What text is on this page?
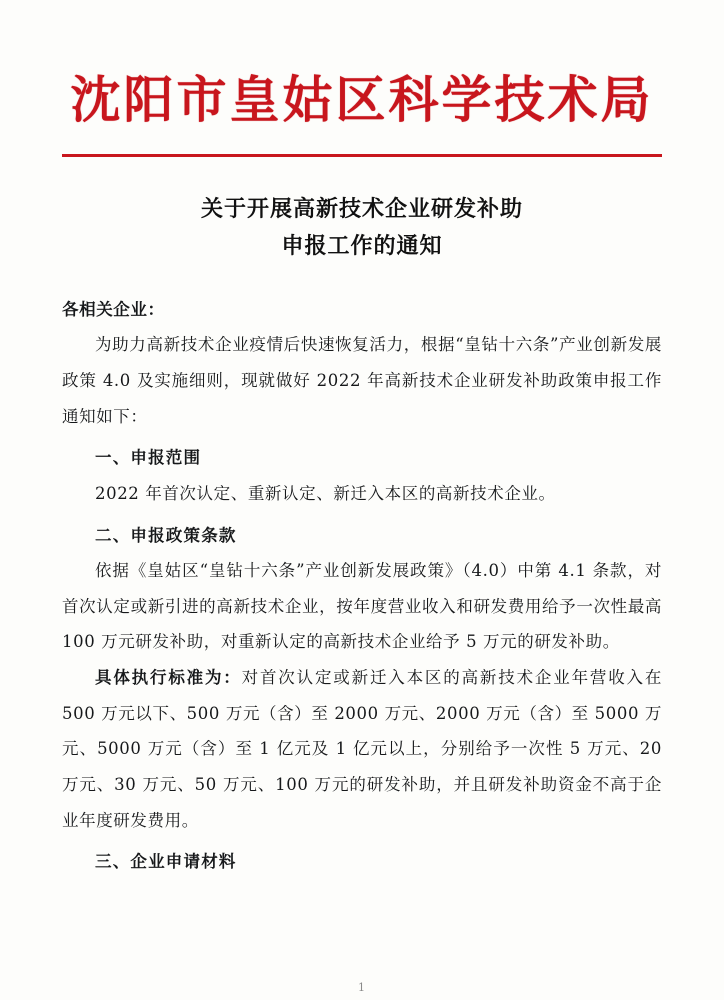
沈阳市皇姑区科学技术局
关于开展高新技术企业研发补助
申报工作的通知

各相关企业：

为助力高新技术企业疫情后快速恢复活力，根据“皇钻十六条”产业创新发展政策 4.0 及实施细则，现就做好 2022 年高新技术企业研发补助政策申报工作通知如下：

一、申报范围

2022 年首次认定、重新认定、新迁入本区的高新技术企业。

二、申报政策条款

依据《皇姑区“皇钻十六条”产业创新发展政策》（4.0）中第 4.1 条款，对首次认定或新引进的高新技术企业，按年度营业收入和研发费用给予一次性最高 100 万元研发补助，对重新认定的高新技术企业给予 5 万元的研发补助。

具体执行标准为：对首次认定或新迁入本区的高新技术企业年营收入在 500 万元以下、500 万元（含）至 2000 万元、2000 万元（含）至 5000 万元、5000 万元（含）至 1 亿元及 1 亿元以上，分别给予一次性 5 万元、20 万元、30 万元、50 万元、100 万元的研发补助，并且研发补助资金不高于企业年度研发费用。

三、企业申请材料

1
